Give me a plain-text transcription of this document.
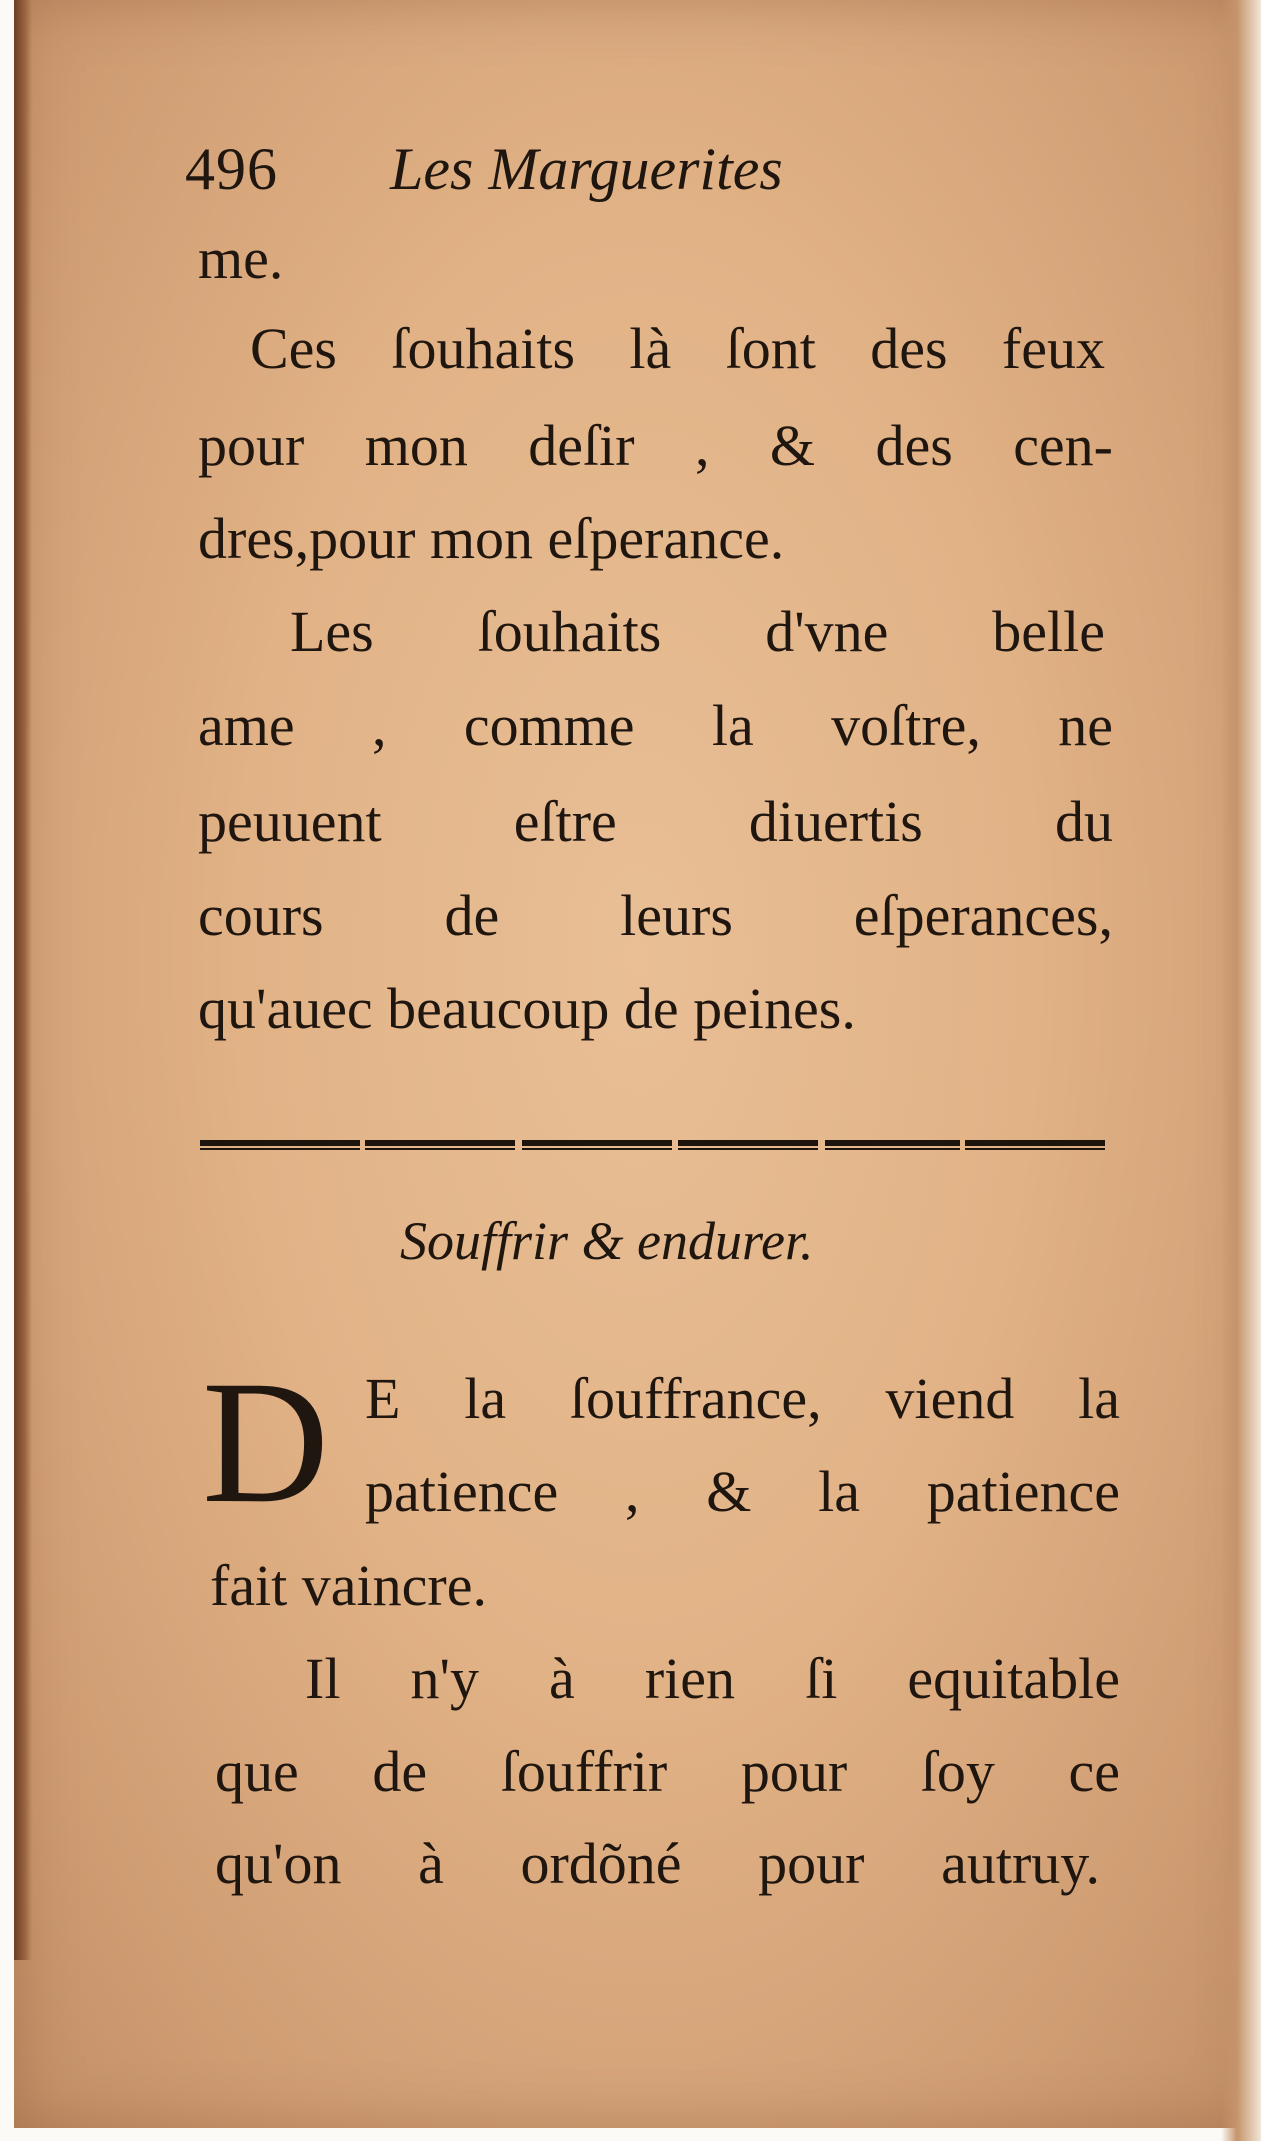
496 Les Marguerites
me.
Ces ſouhaits là ſont des feux
pour mon deſir , & des cen-
dres,pour mon eſperance.
Les ſouhaits d'vne belle
ame , comme la voſtre, ne
peuuent eſtre diuertis du
cours de leurs eſperances,
qu'auec beaucoup de peines.
Souffrir & endurer.
D E la ſouffrance, viend la
patience , & la patience
fait vaincre.
Il n'y à rien ſi equitable
que de ſouffrir pour ſoy ce
qu'on à ordõné pour autruy.
